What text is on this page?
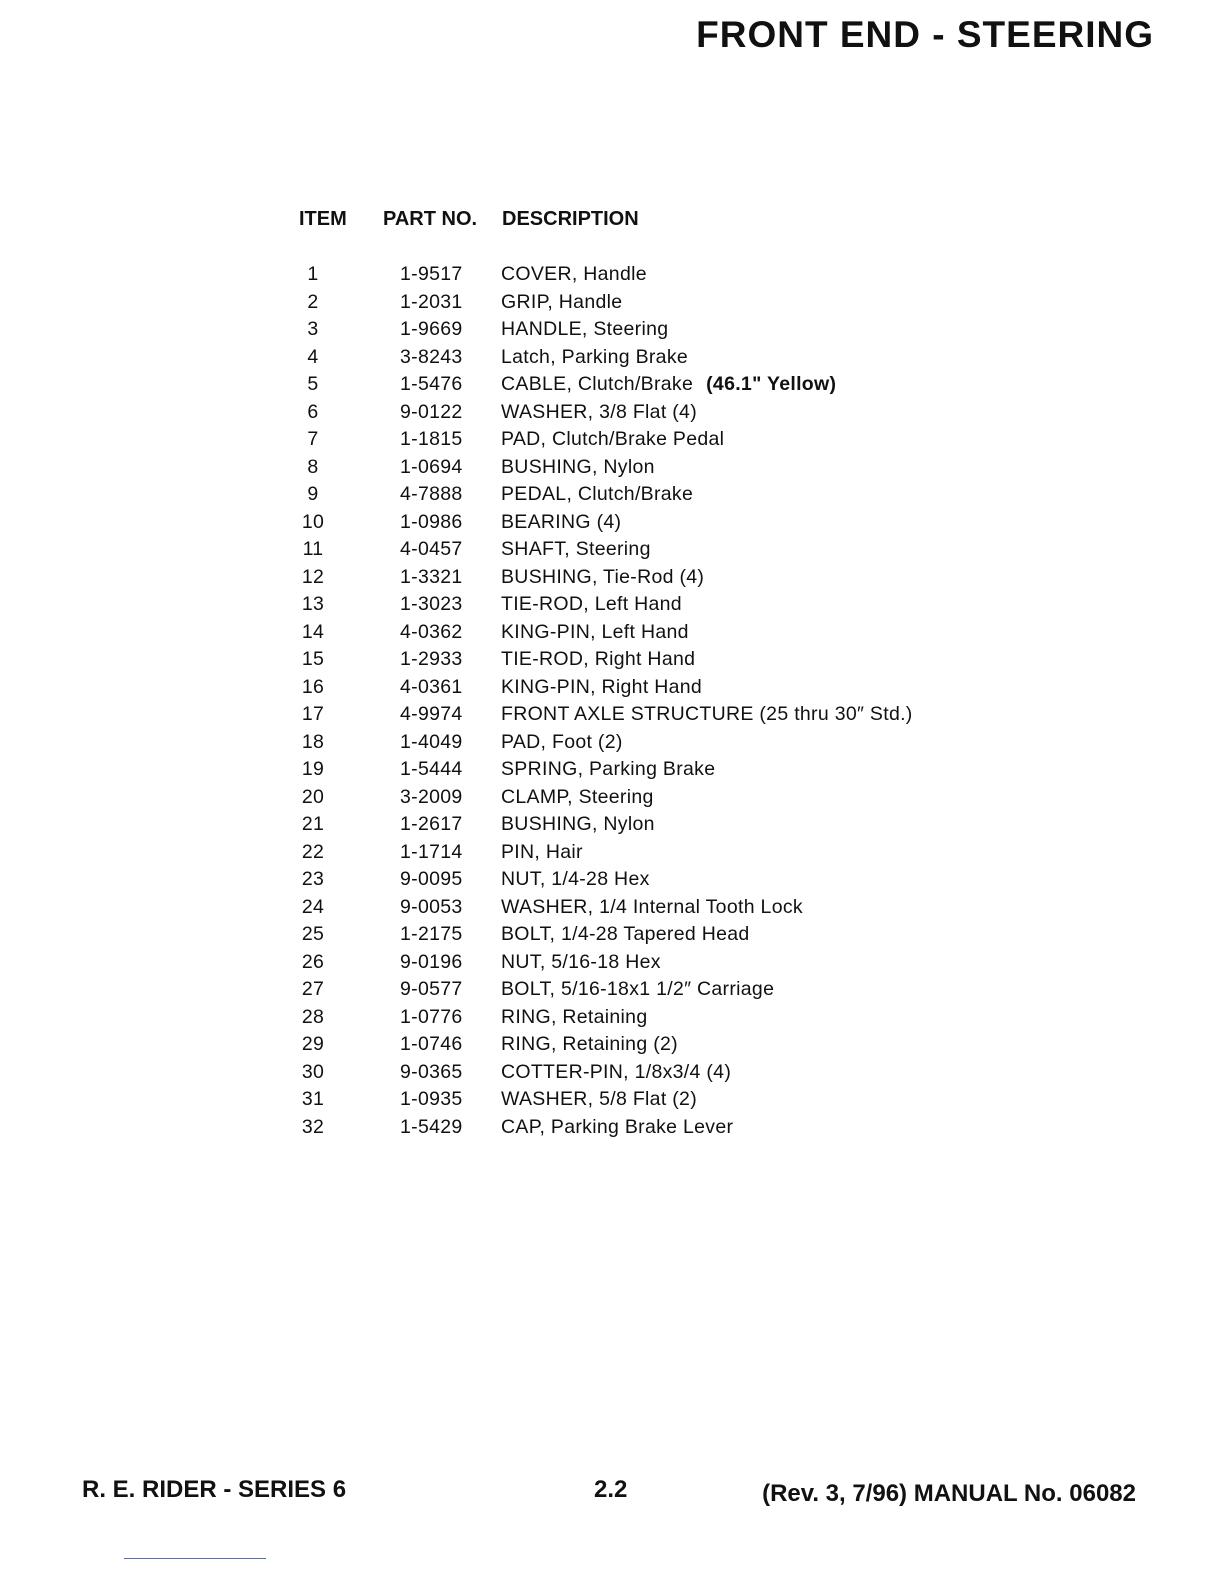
FRONT END - STEERING
ITEM PART NO. DESCRIPTION
1	1-9517 COVER, Handle
2	1-2031 GRIP, Handle
3	1-9669 HANDLE, Steering
4	3-8243 Latch, Parking Brake
5	1-5476 CABLE, Clutch/Brake (46.1" Yellow)
6	9-0122 WASHER, 3/8 Flat (4)
7	1-1815 PAD, Clutch/Brake Pedal
8	1-0694 BUSHING, Nylon
9	4-7888 PEDAL, Clutch/Brake
10	1-0986 BEARING (4)
11	4-0457 SHAFT, Steering
12	1-3321 BUSHING, Tie-Rod (4)
13	1-3023 TIE-ROD, Left Hand
14	4-0362 KING-PIN, Left Hand
15	1-2933 TIE-ROD, Right Hand
16	4-0361 KING-PIN, Right Hand
17	4-9974 FRONT AXLE STRUCTURE (25 thru 30″ Std.)
18	1-4049 PAD, Foot (2)
19	1-5444 SPRING, Parking Brake
20	3-2009 CLAMP, Steering
21	1-2617 BUSHING, Nylon
22	1-1714 PIN, Hair
23	9-0095 NUT, 1/4-28 Hex
24	9-0053 WASHER, 1/4 Internal Tooth Lock
25	1-2175 BOLT, 1/4-28 Tapered Head
26	9-0196 NUT, 5/16-18 Hex
27	9-0577 BOLT, 5/16-18x1 1/2″ Carriage
28	1-0776 RING, Retaining
29	1-0746 RING, Retaining (2)
30	9-0365 COTTER-PIN, 1/8x3/4 (4)
31	1-0935 WASHER, 5/8 Flat (2)
32	1-5429 CAP, Parking Brake Lever
R. E. RIDER - SERIES 6	2.2	(Rev. 3, 7/96) MANUAL No. 06082
